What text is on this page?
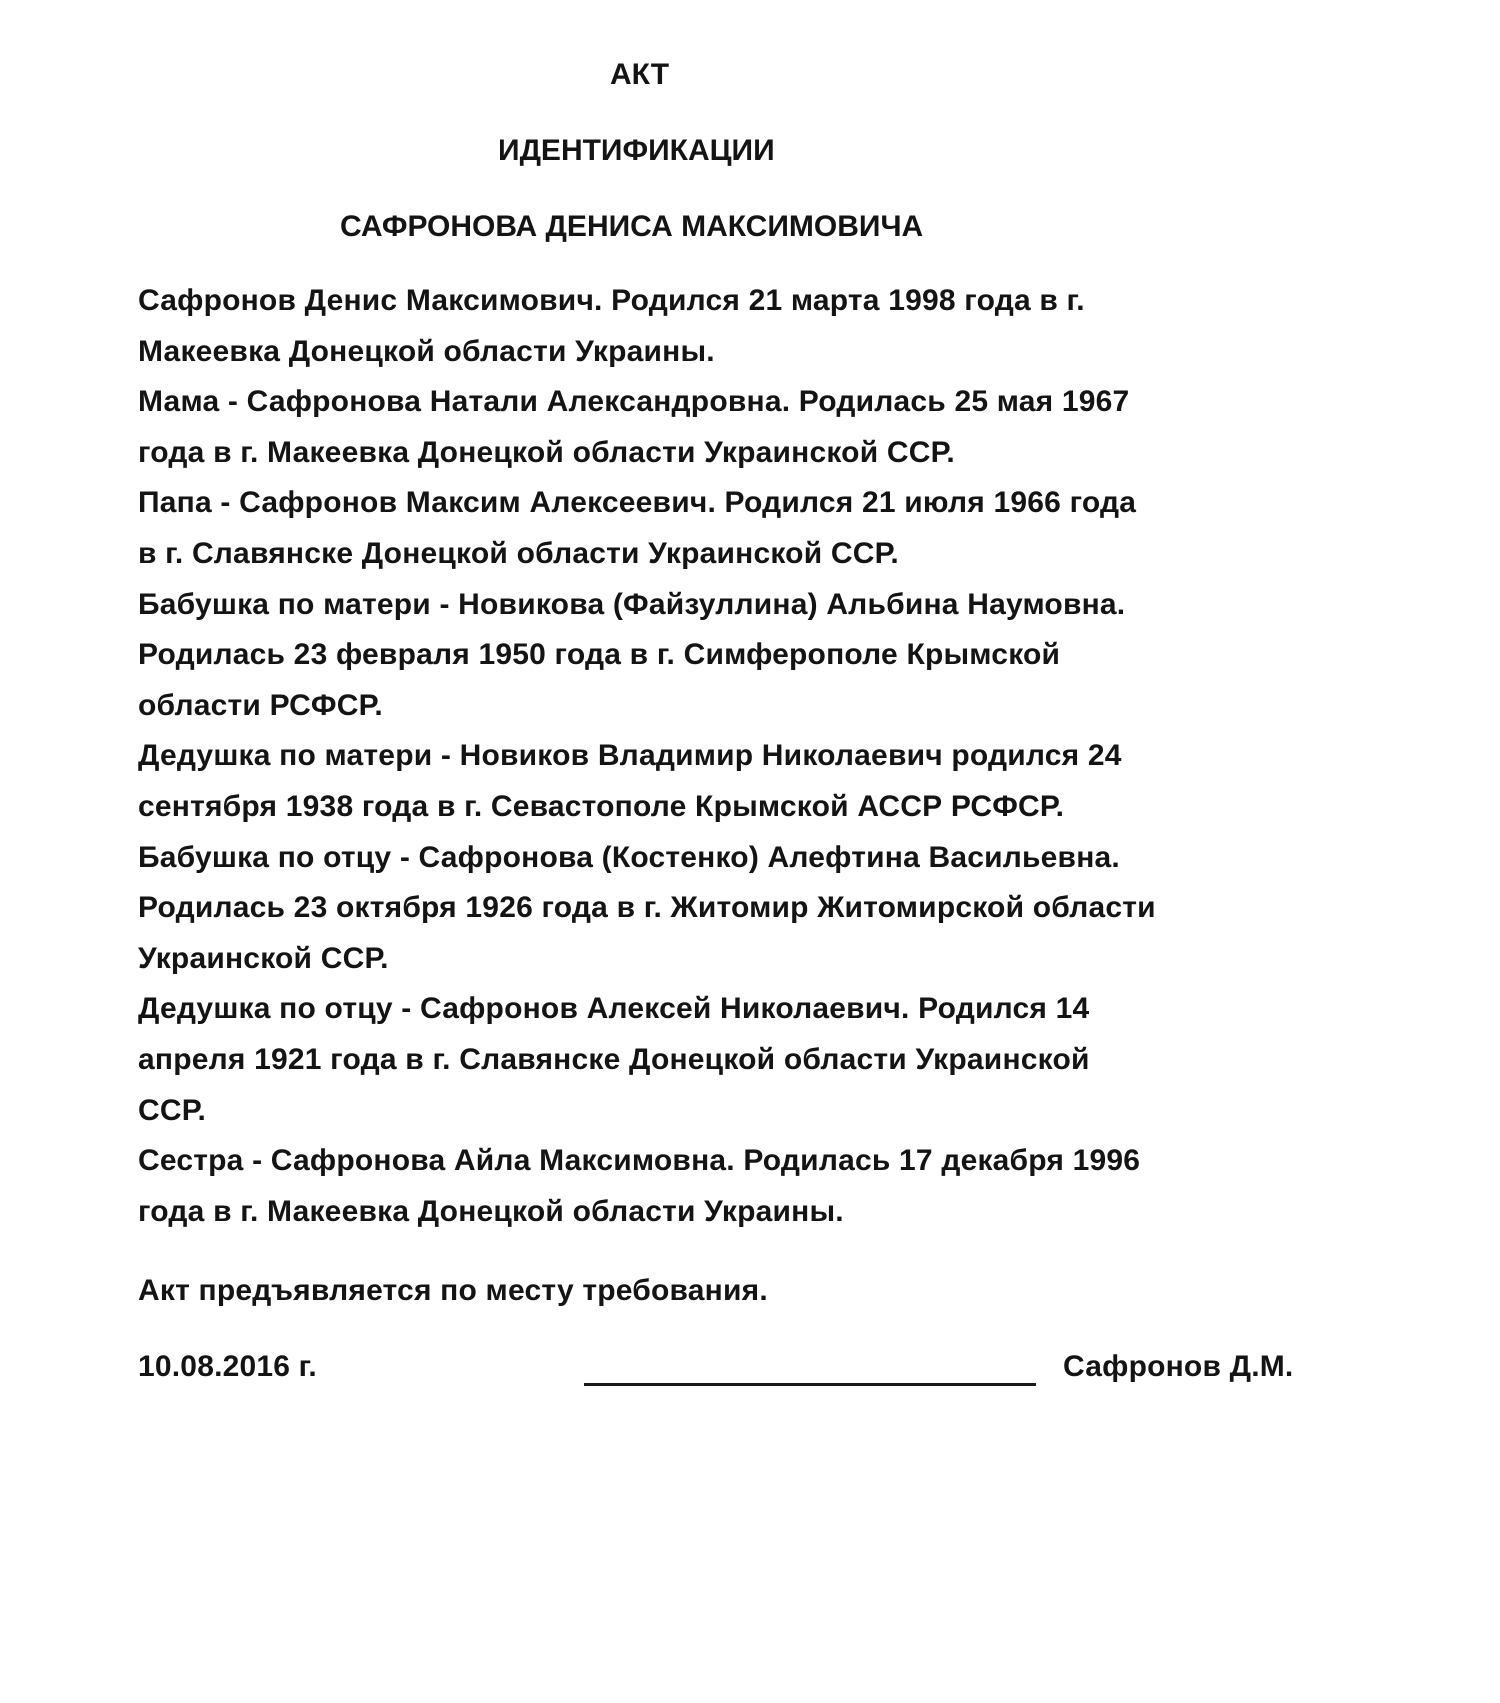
АКТ
ИДЕНТИФИКАЦИИ
САФРОНОВА ДЕНИСА МАКСИМОВИЧА
Сафронов Денис Максимович. Родился 21 марта 1998 года в г.
Макеевка Донецкой области Украины.
Мама - Сафронова Натали Александровна. Родилась 25 мая 1967
года в г. Макеевка Донецкой области Украинской ССР.
Папа - Сафронов Максим Алексеевич. Родился 21 июля 1966 года
в г. Славянске Донецкой области Украинской ССР.
Бабушка по матери - Новикова (Файзуллина) Альбина Наумовна.
Родилась 23 февраля 1950 года в г. Симферополе Крымской
области РСФСР.
Дедушка по матери - Новиков Владимир Николаевич родился 24
сентября 1938 года в г. Севастополе Крымской АССР РСФСР.
Бабушка по отцу - Сафронова (Костенко) Алефтина Васильевна.
Родилась 23 октября 1926 года в г. Житомир Житомирской области
Украинской ССР.
Дедушка по отцу - Сафронов Алексей Николаевич. Родился 14
апреля 1921 года в г. Славянске Донецкой области Украинской
ССР.
Сестра - Сафронова Айла Максимовна. Родилась 17 декабря 1996
года в г. Макеевка Донецкой области Украины.
Акт предъявляется по месту требования.
10.08.2016 г.	Сафронов Д.М.
